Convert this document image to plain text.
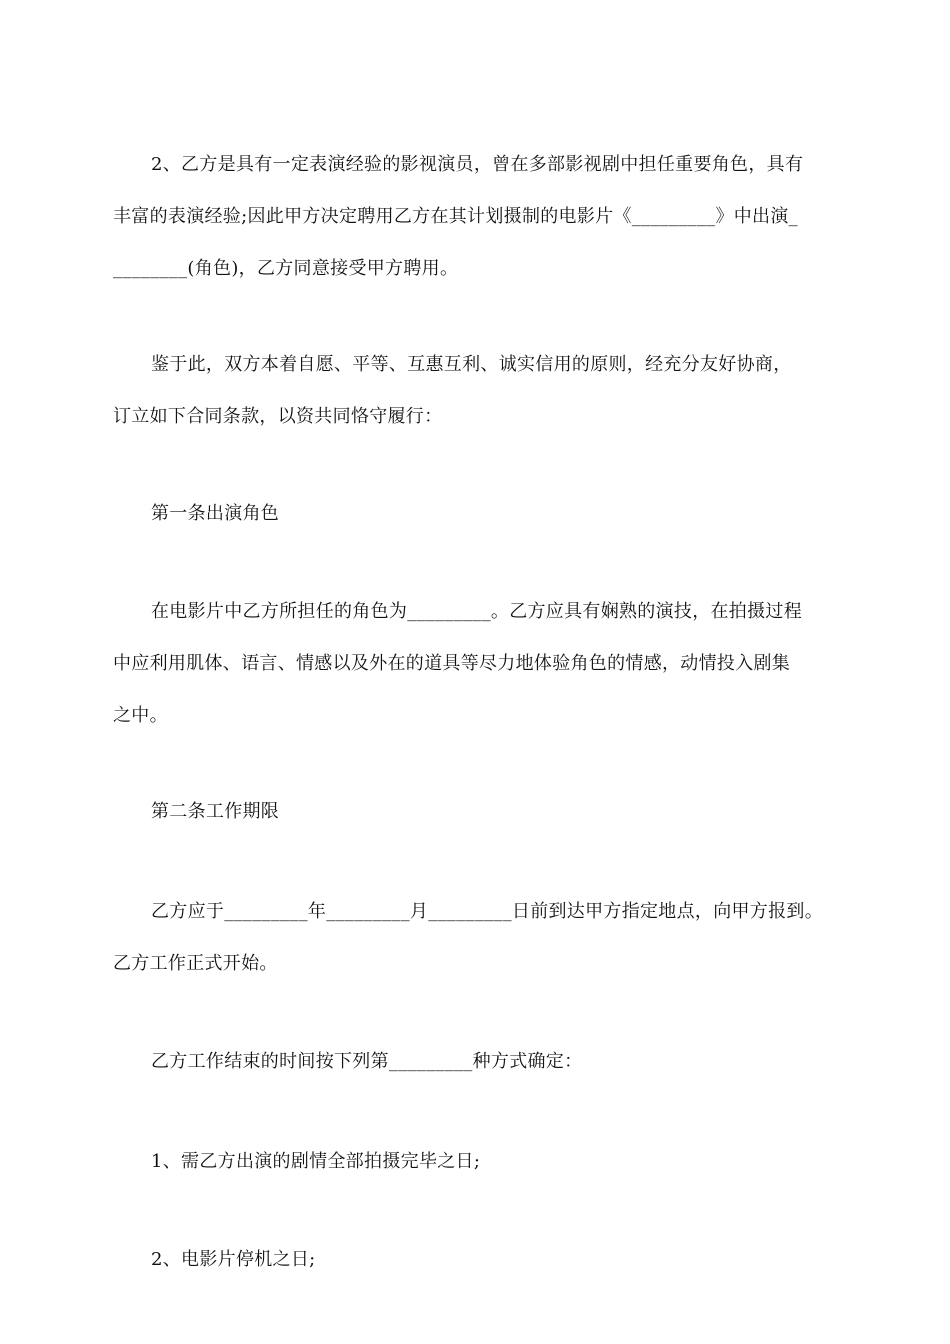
2、乙方是具有一定表演经验的影视演员，曾在多部影视剧中担任重要角色，具有
丰富的表演经验;因此甲方决定聘用乙方在其计划摄制的电影片《_________》中出演_
________(角色)，乙方同意接受甲方聘用。
鉴于此，双方本着自愿、平等、互惠互利、诚实信用的原则，经充分友好协商，
订立如下合同条款，以资共同恪守履行：
第一条出演角色
在电影片中乙方所担任的角色为_________。乙方应具有娴熟的演技，在拍摄过程
中应利用肌体、语言、情感以及外在的道具等尽力地体验角色的情感，动情投入剧集
之中。
第二条工作期限
乙方应于_________年_________月_________日前到达甲方指定地点，向甲方报到。
乙方工作正式开始。
乙方工作结束的时间按下列第_________种方式确定：
1、需乙方出演的剧情全部拍摄完毕之日;
2、电影片停机之日;
